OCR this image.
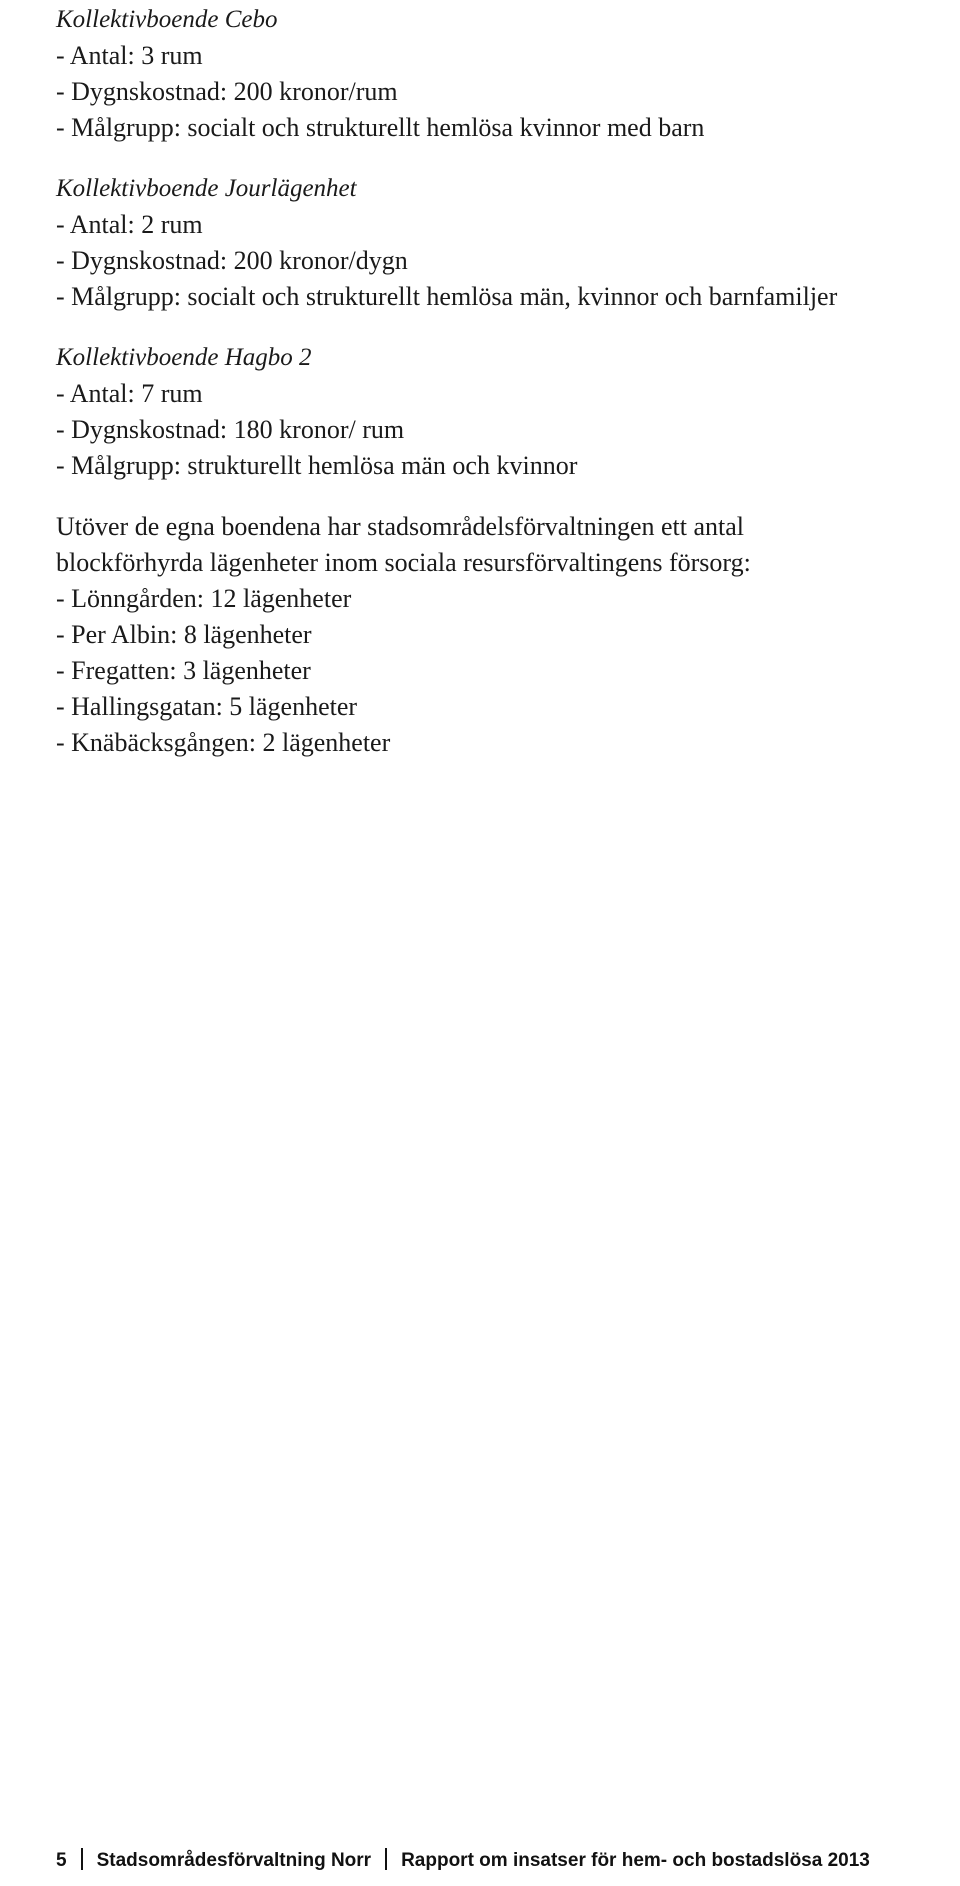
Kollektivboende Cebo
- Antal: 3 rum
- Dygnskostnad: 200 kronor/rum
- Målgrupp: socialt och strukturellt hemlösa kvinnor med barn
Kollektivboende Jourlägenhet
- Antal: 2 rum
- Dygnskostnad: 200 kronor/dygn
- Målgrupp: socialt och strukturellt hemlösa män, kvinnor och barnfamiljer
Kollektivboende Hagbo 2
- Antal: 7 rum
- Dygnskostnad: 180 kronor/ rum
- Målgrupp: strukturellt hemlösa män och kvinnor
Utöver de egna boendena har stadsområdelsförvaltningen ett antal
blockförhyrda lägenheter inom sociala resursförvaltingens försorg:
- Lönngården: 12 lägenheter
- Per Albin: 8 lägenheter
- Fregatten: 3 lägenheter
- Hallingsgatan: 5 lägenheter
- Knäbäcksgången: 2 lägenheter
5 Stadsområdesförvaltning Norr Rapport om insatser för hem- och bostadslösa 2013
